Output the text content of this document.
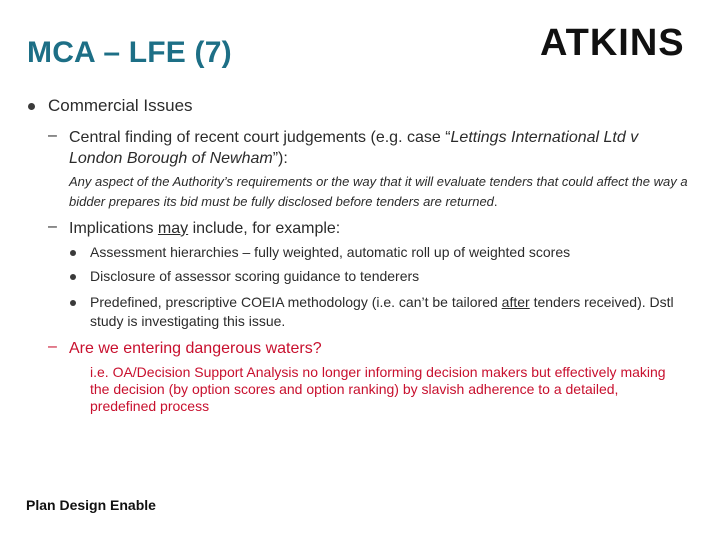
MCA – LFE (7)	ATKINS
Commercial Issues
– Central finding of recent court judgements (e.g. case “Lettings International Ltd v London Borough of Newham”):
Any aspect of the Authority’s requirements or the way that it will evaluate tenders that could affect the way a bidder prepares its bid must be fully disclosed before tenders are returned.
– Implications may include, for example:
Assessment hierarchies – fully weighted, automatic roll up of weighted scores
Disclosure of assessor scoring guidance to tenderers
Predefined, prescriptive COEIA methodology (i.e. can’t be tailored after tenders received). Dstl study is investigating this issue.
– Are we entering dangerous waters?
i.e. OA/Decision Support Analysis no longer informing decision makers but effectively making the decision (by option scores and option ranking) by slavish adherence to a detailed, predefined process
Plan Design Enable
